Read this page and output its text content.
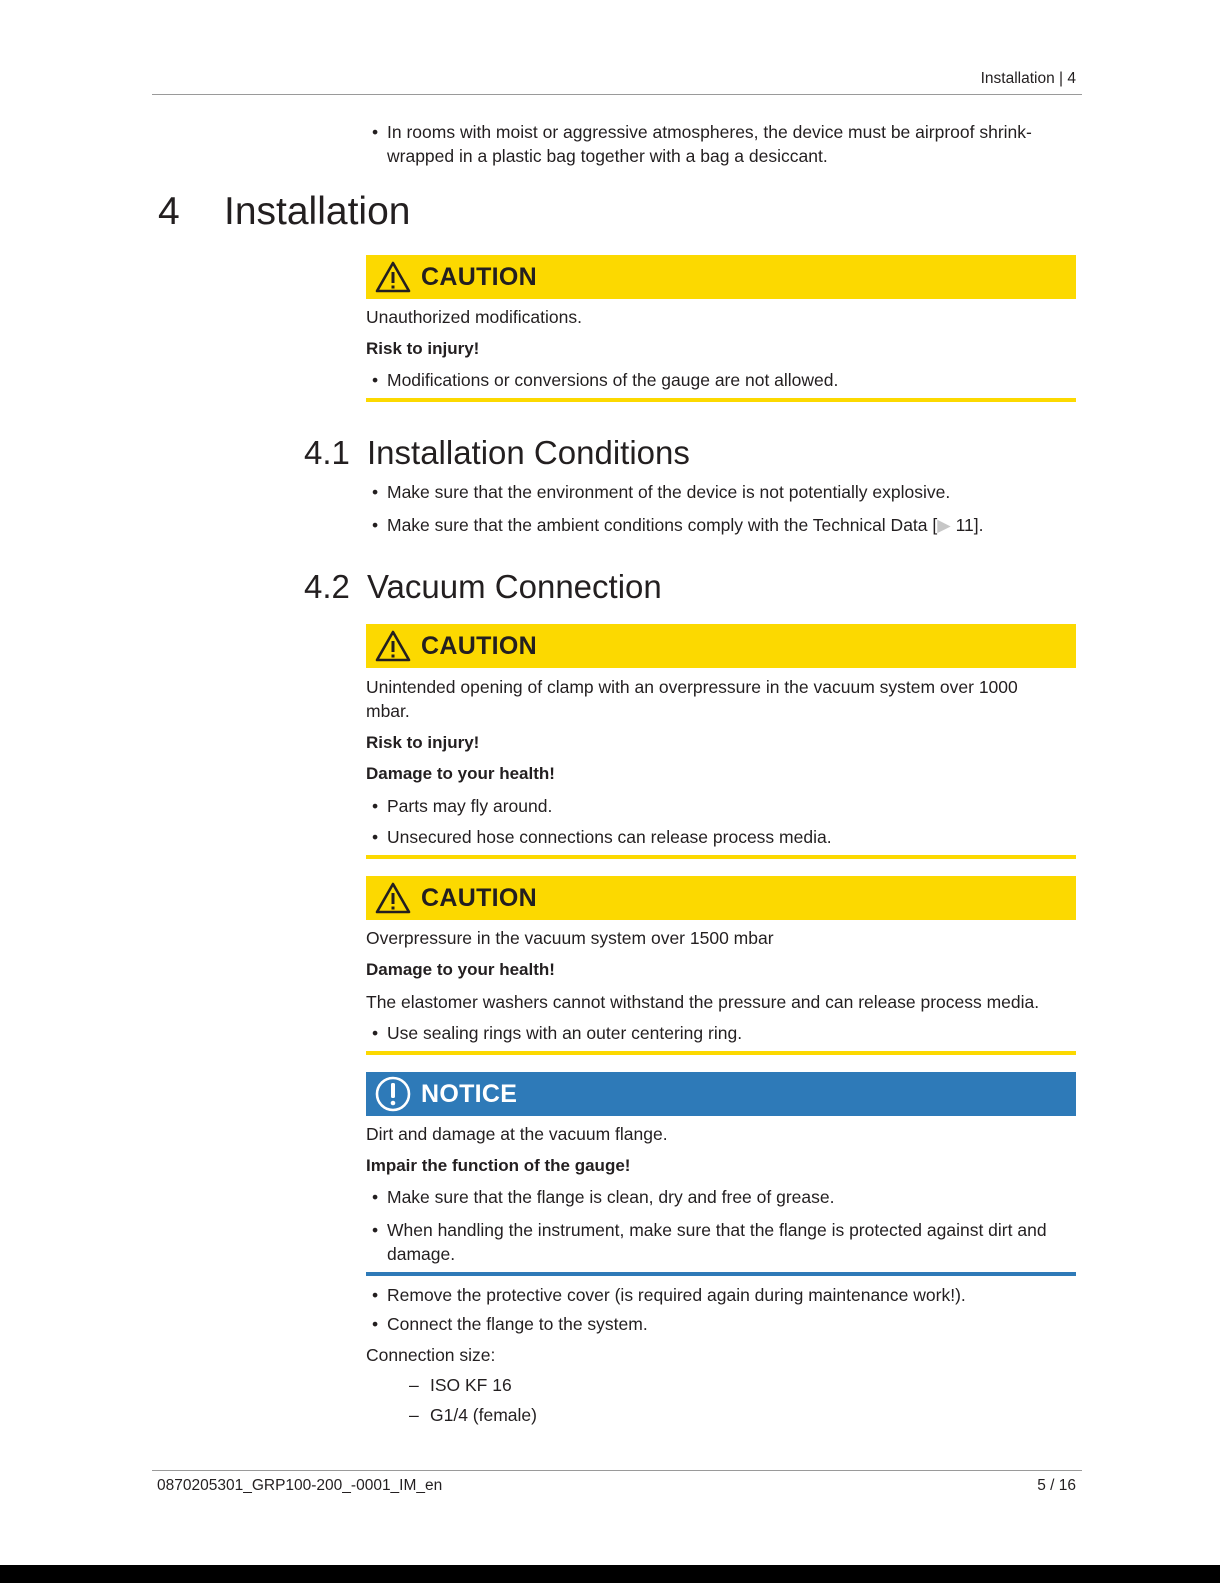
Installation | 4
• In rooms with moist or aggressive atmospheres, the device must be airproof shrink-
wrapped in a plastic bag together with a bag a desiccant.
4 Installation
CAUTION

Unauthorized modifications.

Risk to injury!

• Modifications or conversions of the gauge are not allowed.
4.1 Installation Conditions
• Make sure that the environment of the device is not potentially explosive.
• Make sure that the ambient conditions comply with the Technical Data [▶ 11].
4.2 Vacuum Connection
CAUTION

Unintended opening of clamp with an overpressure in the vacuum system over 1000

mbar.

Risk to injury!

Damage to your health!

• Parts may fly around.
• Unsecured hose connections can release process media.
CAUTION

Overpressure in the vacuum system over 1500 mbar

Damage to your health!

The elastomer washers cannot withstand the pressure and can release process media.

• Use sealing rings with an outer centering ring.
NOTICE

Dirt and damage at the vacuum flange.

Impair the function of the gauge!

• Make sure that the flange is clean, dry and free of grease.
• When handling the instrument, make sure that the flange is protected against dirt and
damage.
• Remove the protective cover (is required again during maintenance work!).
• Connect the flange to the system.

Connection size:

– ISO KF 16
– G1/4 (female)
0870205301_GRP100-200_-0001_IM_en	5 / 16
